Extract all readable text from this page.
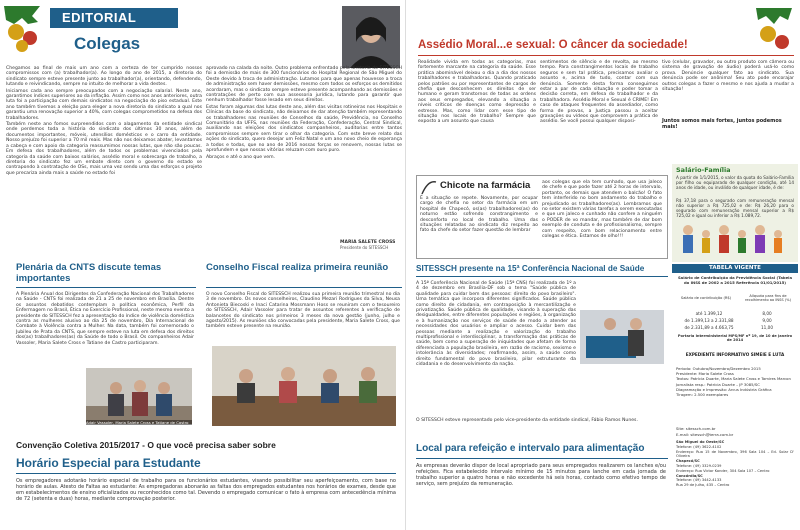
EDITORIAL
Colegas

Chegamos ao final de mais um ano com a certeza de ter cumprido nossos compromissos com (a) trabalhador(a). Ao longo do ano de 2015, a diretoria do sindicato sempre esteve presente junto ao trabalhador(a), orientando, defendendo, lutando e reivindicando, sempre no intuito de melhorar a vida destes.

Iniciamos cada ano sempre preocupados com a negociação salarial. Neste ano, garantimos índices superiores ao da inflação. Assim como nos anos anteriores, outra luta foi a participação com demais sindicatos na negociação do piso estadual. Este ano também tivemos a eleição para eleger a nova diretoria do sindicato a qual nos garantiu uma renovação superior a 40%, com colegas comprometidos na defesa dos trabalhadores.

Também neste ano fomos surpreendidos com o alagamento da entidade sindical onde perdemos toda a história do sindicato dos últimos 30 anos, além de documentos importantes, móveis, utensílios domésticos e o carro da entidade. Nosso prejuízo foi superior a 70 mil reais. Mas não nos deixamos abater, levantamos a cabeça e com apoio da categoria reassumimos nossas lutas, que não são poucas. Em defesa dos trabalhadores, além de todos os problemas vivenciados pela categoria da saúde com baixos salários, assédio moral e sobrecarga de trabalho, a diretoria do sindicato fez um embate direto com o governo do estado se contrapondo à contratação de OSs, mais uma vez sendo uma das esforços o projeto que precariza ainda mais a saúde no estado foi

aprovado na calada da noite. Outro problema enfrentado pela diretoria do SITESSCH foi a demissão de mais de 300 funcionários do Hospital Regional de São Miguel do Oeste devido à troca de administração. Lutamos para que apenas houvesse a troca de administração sem haver demissões, mesmo com todos os esforços os demitidos acordaram, mas o sindicato sempre esteve presente acompanhando as demissões e contratações de perto com sua assessoria jurídica, lutando para garantir que nenhum trabalhador fosse lesado em seus direitos.

Estas foram algumas das lutas deste ano, além das visitas rotineiras nos Hospitais e Clínicas da base do sindicato, não deixamos de dar atenção também representando os trabalhadores nas reuniões de Conselhos da saúde, Previdência, no Conselho Comunitário da UFFS, nas reuniões da Federação, Confederação, Central Sindical, auxiliando nas eleições dos sindicatos companheiros, auditorias entre tantos compromissos sempre sem tirar o olhar da categoria. Com este breve relato das ações do sindicato, quero desejar um Feliz Natal e um ano novo cheio de esperança a todos e todas, que no ano de 2016 nossas forças se renovem, nossas lutas se aprofundem e que nossas vitórias reluzam com ouro puro.

Abraços e até o ano que vem.

MARIA SALETE CROSS
Presidente do SITESSCH
Plenária da CNTS discute temas importantes
A Plenária Anual dos Dirigentes da Confederação Nacional dos Trabalhadores na Saúde - CNTS foi realizada de 21 a 25 de novembro em Brasília. Dentre os assuntos debatidos contemplam a política econômica, Perfil da Enfermagem no Brasil, Ética no Exercício Profissional, neste mesmo evento a presidente do SITESSCH fez a apresentação do índice de violência doméstica contra as mulheres alusivo ao dia 25 de novembro, Dia Internacional de Combate à Violência contra a Mulher. Na data, também foi comemorado o Jubileu de Prata da CNTS, que sempre esteve na luta em defesa dos direitos dos(as) trabalhadores(as) da Saúde de todo o Brasil. Os companheiros Adair Vassoler, Maria Salete Cross e Tatiane de Castro participaram.
Adair Vassoler, Maria Salete Cross e Tatiane de Castro
Conselho Fiscal realiza primeira reunião
O novo Conselho Fiscal do SITESSCH realizou sua primeira reunião trimestral no dia 3 de novembro. Os novos conselheiros, Claudino Mezari Rodrigues da Silva, Neusa Antonieta Biecoski e Inaci Catarina Mossmann Hoss se reuniram com o tesoureiro do SITESSCH, Adair Vassoler para tratar de assuntos referentes à verificação de balancetes do sindicato nos primeiros 3 meses da nova gestão (junho, julho e agosto/2015). As reuniões são convocadas pela presidente, Maria Salete Cross, que também esteve presente na reunião.
Convenção Coletiva 2015/2017 - O que você precisa saber sobre
Horário Especial para Estudante
Os empregadores adotarão horário especial de trabalho para os funcionários estudantes, visando possibilitar seu aperfeiçoamento, com base no horário de aulas. Atesto de Faltas ao estudante: As empregadoras abonarão as faltas dos empregados estudantes nos horários de exames, desde que em estabelecimentos de ensino oficializados ou reconhecidos como tal. Devendo o empregado comunicar o fato à empresa com antecedência mínima de 72 (setenta e duas) horas, mediante comprovação posterior.
Assédio Moral...e sexual: O câncer da sociedade!
Realidade vivida em todas as categorias, mas fortemente marcante na categoria da saúde. Esse prática abominável deixou o dia a dia dos nossos trabalhadores e trabalhadoras. Quando praticado pelos patrões ou por representantes de cargos de chefia que desconhecem os direitos de ser humano e geram transtornos de todas as ordens aos seus empregados, elevando a situação a níveis críticos de doenças como depressão e estresse. Mas, como lidar com esse tipo de situação nos locais de trabalho? Sempre que exposto a um assunto que causa
sentimentos de silêncio e de revolta, ao mesmo tempo. Para constrangimentos locais de trabalho seguros e sem tal prática, precisamos avaliar o assunto e, acima de tudo, contar com sua denúncia. Somente desta forma conseguimos estar a par de cada situação e poder tomar a decisão correta, em defesa do trabalhador e da trabalhadora. Assédio Moral e Sexual é CRIME! Em caso de ataques frequentes do assediador, como forma de provas, a Justiça passou a aceitar gravações ou vídeos que comprovem a prática de assédio. Se você possui qualquer disposi-
tivo (celular, gravador, ou outro produto com câmera ou sistema de gravação de áudio) poderá usá-lo como prova. Denúncie qualquer fato ao sindicato. Sua denúncia pode ser anônima! Seu ato pode encorajar outros colegas a fazer o mesmo e nos ajuda a mudar a situação!
Juntos somos mais fortes, juntos podemos mais!
Chicote na farmácia
É a situação se repete. Novamente, por ocupar cargo de chefia no setor da farmácia em um hospital de Chapecó, os(as) trabalhadores(as) do noturno estão sofrendo constrangimento e desconforto no local de trabalho. Uma das situações relatadas ao sindicato diz respeito ao fato da chefe do setor fazer questão de lembrar
aos colegas que ela tem cunhado, que usa jaleco de chefe e que pode fazer até 2 horas de intervalo, portanto, os demais que atendem o balcão! O fato tem interferido no bom andamento do trabalho e prejudicado os trabalhadores(as). Lembramos que no setor existem várias tarefas a serem executadas e que um jaleco e cunhado não confere a ninguém o PODER de vo mandar, mas também de dar bom exemplo de conduta e de profissionalismo, sempre com respeito, com bom relacionamento entre colegas e ética. Estamos de olho!!!
SITESSCH presente na 15ª Conferência Nacional de Saúde
A 15ª Conferência Nacional de Saúde (15ª CNS) foi realizada de 1º a 4 de dezembro em Brasília-DF sob o tema "Saúde pública de qualidade para cuidar bem das pessoas: direito do povo brasileiro". Uma temática que incorpora diferentes significados. Saúde pública como direito de cidadania, em contraposição à mercantilização e privatização. Saúde pública de qualidade, visando à superação das desigualdades, entre diferentes populações e regiões, à organização e à humanização nos serviços de saúde de modo a atender as necessidades dos usuários e ampliar o acesso. Cuidar bem das pessoas mediante a realização e valorização do trabalho multiprofissional e interdisciplinar, a transformação das práticas de saúde, bem como a superação de iniquidades que afetam de forma diferenciada a população brasileira, em razão de racismo, sexismo e intolerância às diversidades; reafirmando, assim, a saúde como direito fundamental do povo brasileiro, pilar estruturante da cidadania e do desenvolvimento da nação.
O SITESSCH esteve representado pelo vice-presidente da entidade sindical, Fábio Ramos Nunes.
Salário-Família
A partir de 1/1/2015, o valor da quota do Salário-Família por filho ou equiparado de qualquer condição, até 14 anos de idade, ou inválido de qualquer idade, é de:
R$ 37,18 para o segurado com remuneração mensal não superior a R$ 725,02 e de: R$ 26,20 para o segurado com remuneração mensal superior a R$ 725,02 e igual ou inferior a R$ 1.089,72.
TABELA VIGENTE
Salário de Contribuição da Previdência Social (Tabela do INSS de 2002 a 2015 Referência 01/01/2015)
Salário de contribuição (R$)	Alíquota para fins de recolhimento ao INSS (%)
até 1.399,12	8,00
de 1.399,13 a 2.331,88	9,00
de 2.331,89 a 4.663,75	11,00
Portaria Interministerial MPS/MF nº 19, de 10 de janeiro de 2014
EXPEDIENTE INFORMATIVO SIMEIE E LUTA
Periodo: Outubro/Novembro/Dezembro 2015
Presidente: Maria Salete Cross
Textos: Patrícia Duarte, Maria Salete Cross e Tamires Marcon
Jornalista resp.: Patrícia Duarte – JP 3085/SC
Diagramação e Impressão: Arcus Indústria Gráfica
Tiragem: 2.500 exemplares
Site: sitessch.com.br
E-mail: sitessch@terra.com.br
São Miguel do Oeste/SC
Telefone: (49) 3622-4102
Endereço: Rua 15 de Novembro, 396 Sala 104 – Ed. Solar D' Oliveira
Chapecó/SC
Telefone: (49) 3329-0239
Endereço: Rua Victor Konder, 304 Sala 107 – Centro
Concórdia/SC
Telefone: (49) 3442-4133
Rua 29 de Julho, 435 – Centro
Local para refeição e intervalo para alimentação
As empresas deverão dispor de local apropriado para seus empregados realizarem os lanches e/ou refeições. Fica estabelecido intervalo mínimo de 15 minutos para lanche em cada jornada de trabalho superior a quatro horas e não excedente há seis horas, contado como efetivo tempo de serviço, sem prejuízo da remuneração.
